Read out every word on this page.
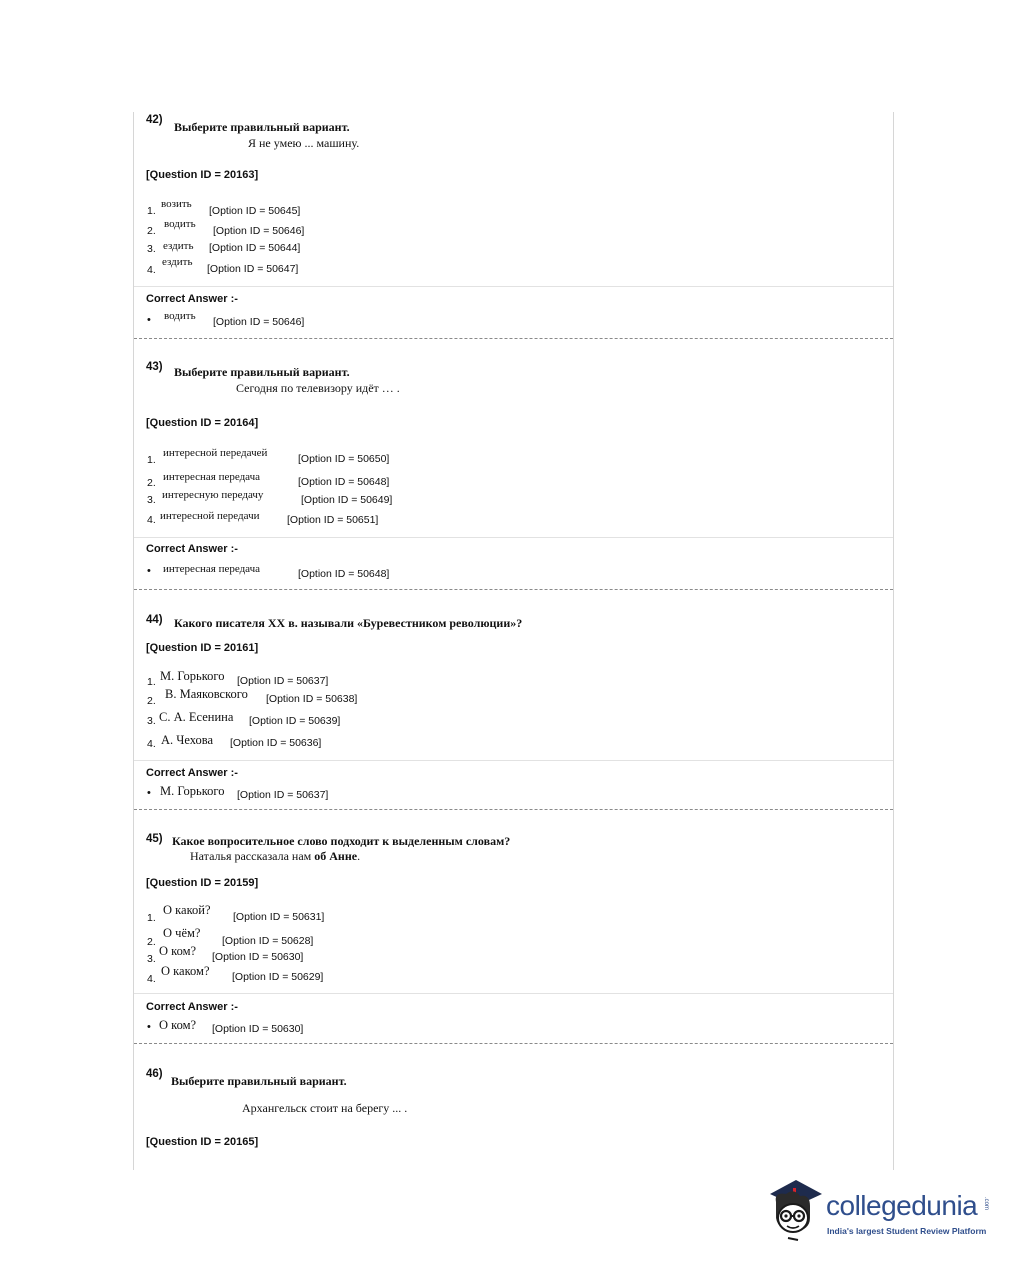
42) Выберите правильный вариант.
Я не умею ... машину.
[Question ID = 20163]
1.
возить
[Option ID = 50645]
2.
водить
[Option ID = 50646]
3. ездить [Option ID = 50644]
4.
ездить
[Option ID = 50647]
Correct Answer :-
• водить [Option ID = 50646]
43) Выберите правильный вариант.
Сегодня по телевизору идёт … .
[Question ID = 20164]
1.
интересной передачей	[Option ID = 50650]
2. интересная передача	[Option ID = 50648]
3. интересную передачу	[Option ID = 50649]
4. интересной передачи	[Option ID = 50651]
Correct Answer :-
• интересная передача	[Option ID = 50648]
44) Какого писателя XX в. называли «Буревестником революции»?
[Question ID = 20161]
1. М. Горького [Option ID = 50637]
2. В. Маяковского [Option ID = 50638]
3. С. А. Есенина [Option ID = 50639]
4. А. Чехова [Option ID = 50636]
Correct Answer :-
• М. Горького [Option ID = 50637]
45) Какое вопросительное слово подходит к выделенным словам?
Наталья рассказала нам об Анне.
[Question ID = 20159]
1.
О какой? [Option ID = 50631]
2.
О чём?
[Option ID = 50628]
3.
О ком? [Option ID = 50630]
4.
О каком? [Option ID = 50629]
Correct Answer :-
• О ком? [Option ID = 50630]
46) Выберите правильный вариант.
Архангельск стоит на берегу ... .
[Question ID = 20165]
collegedunia .com
India's largest Student Review Platform
